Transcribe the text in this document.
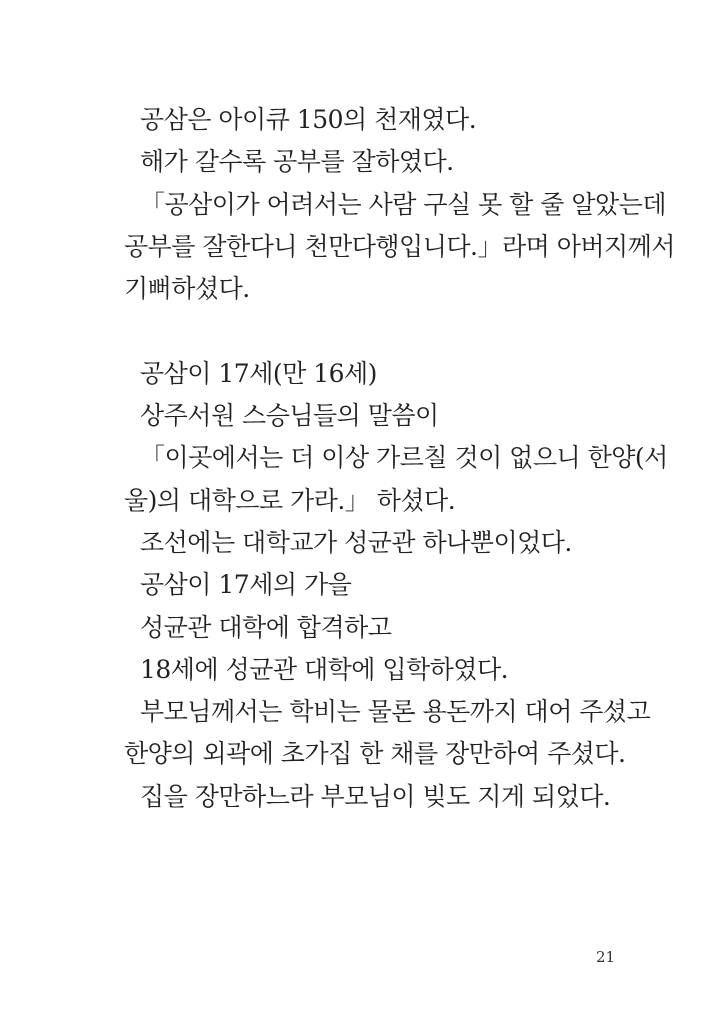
공삼은 아이큐 150의 천재였다.
해가 갈수록 공부를 잘하였다.
「공삼이가 어려서는 사람 구실 못 할 줄 알았는데
공부를 잘한다니 천만다행입니다.」라며 아버지께서
기뻐하셨다.
공삼이 17세(만 16세)
상주서원 스승님들의 말씀이
「이곳에서는 더 이상 가르칠 것이 없으니 한양(서
울)의 대학으로 가라.」 하셨다.
조선에는 대학교가 성균관 하나뿐이었다.
공삼이 17세의 가을
성균관 대학에 합격하고
18세에 성균관 대학에 입학하였다.
부모님께서는 학비는 물론 용돈까지 대어 주셨고
한양의 외곽에 초가집 한 채를 장만하여 주셨다.
집을 장만하느라 부모님이 빚도 지게 되었다.
21
